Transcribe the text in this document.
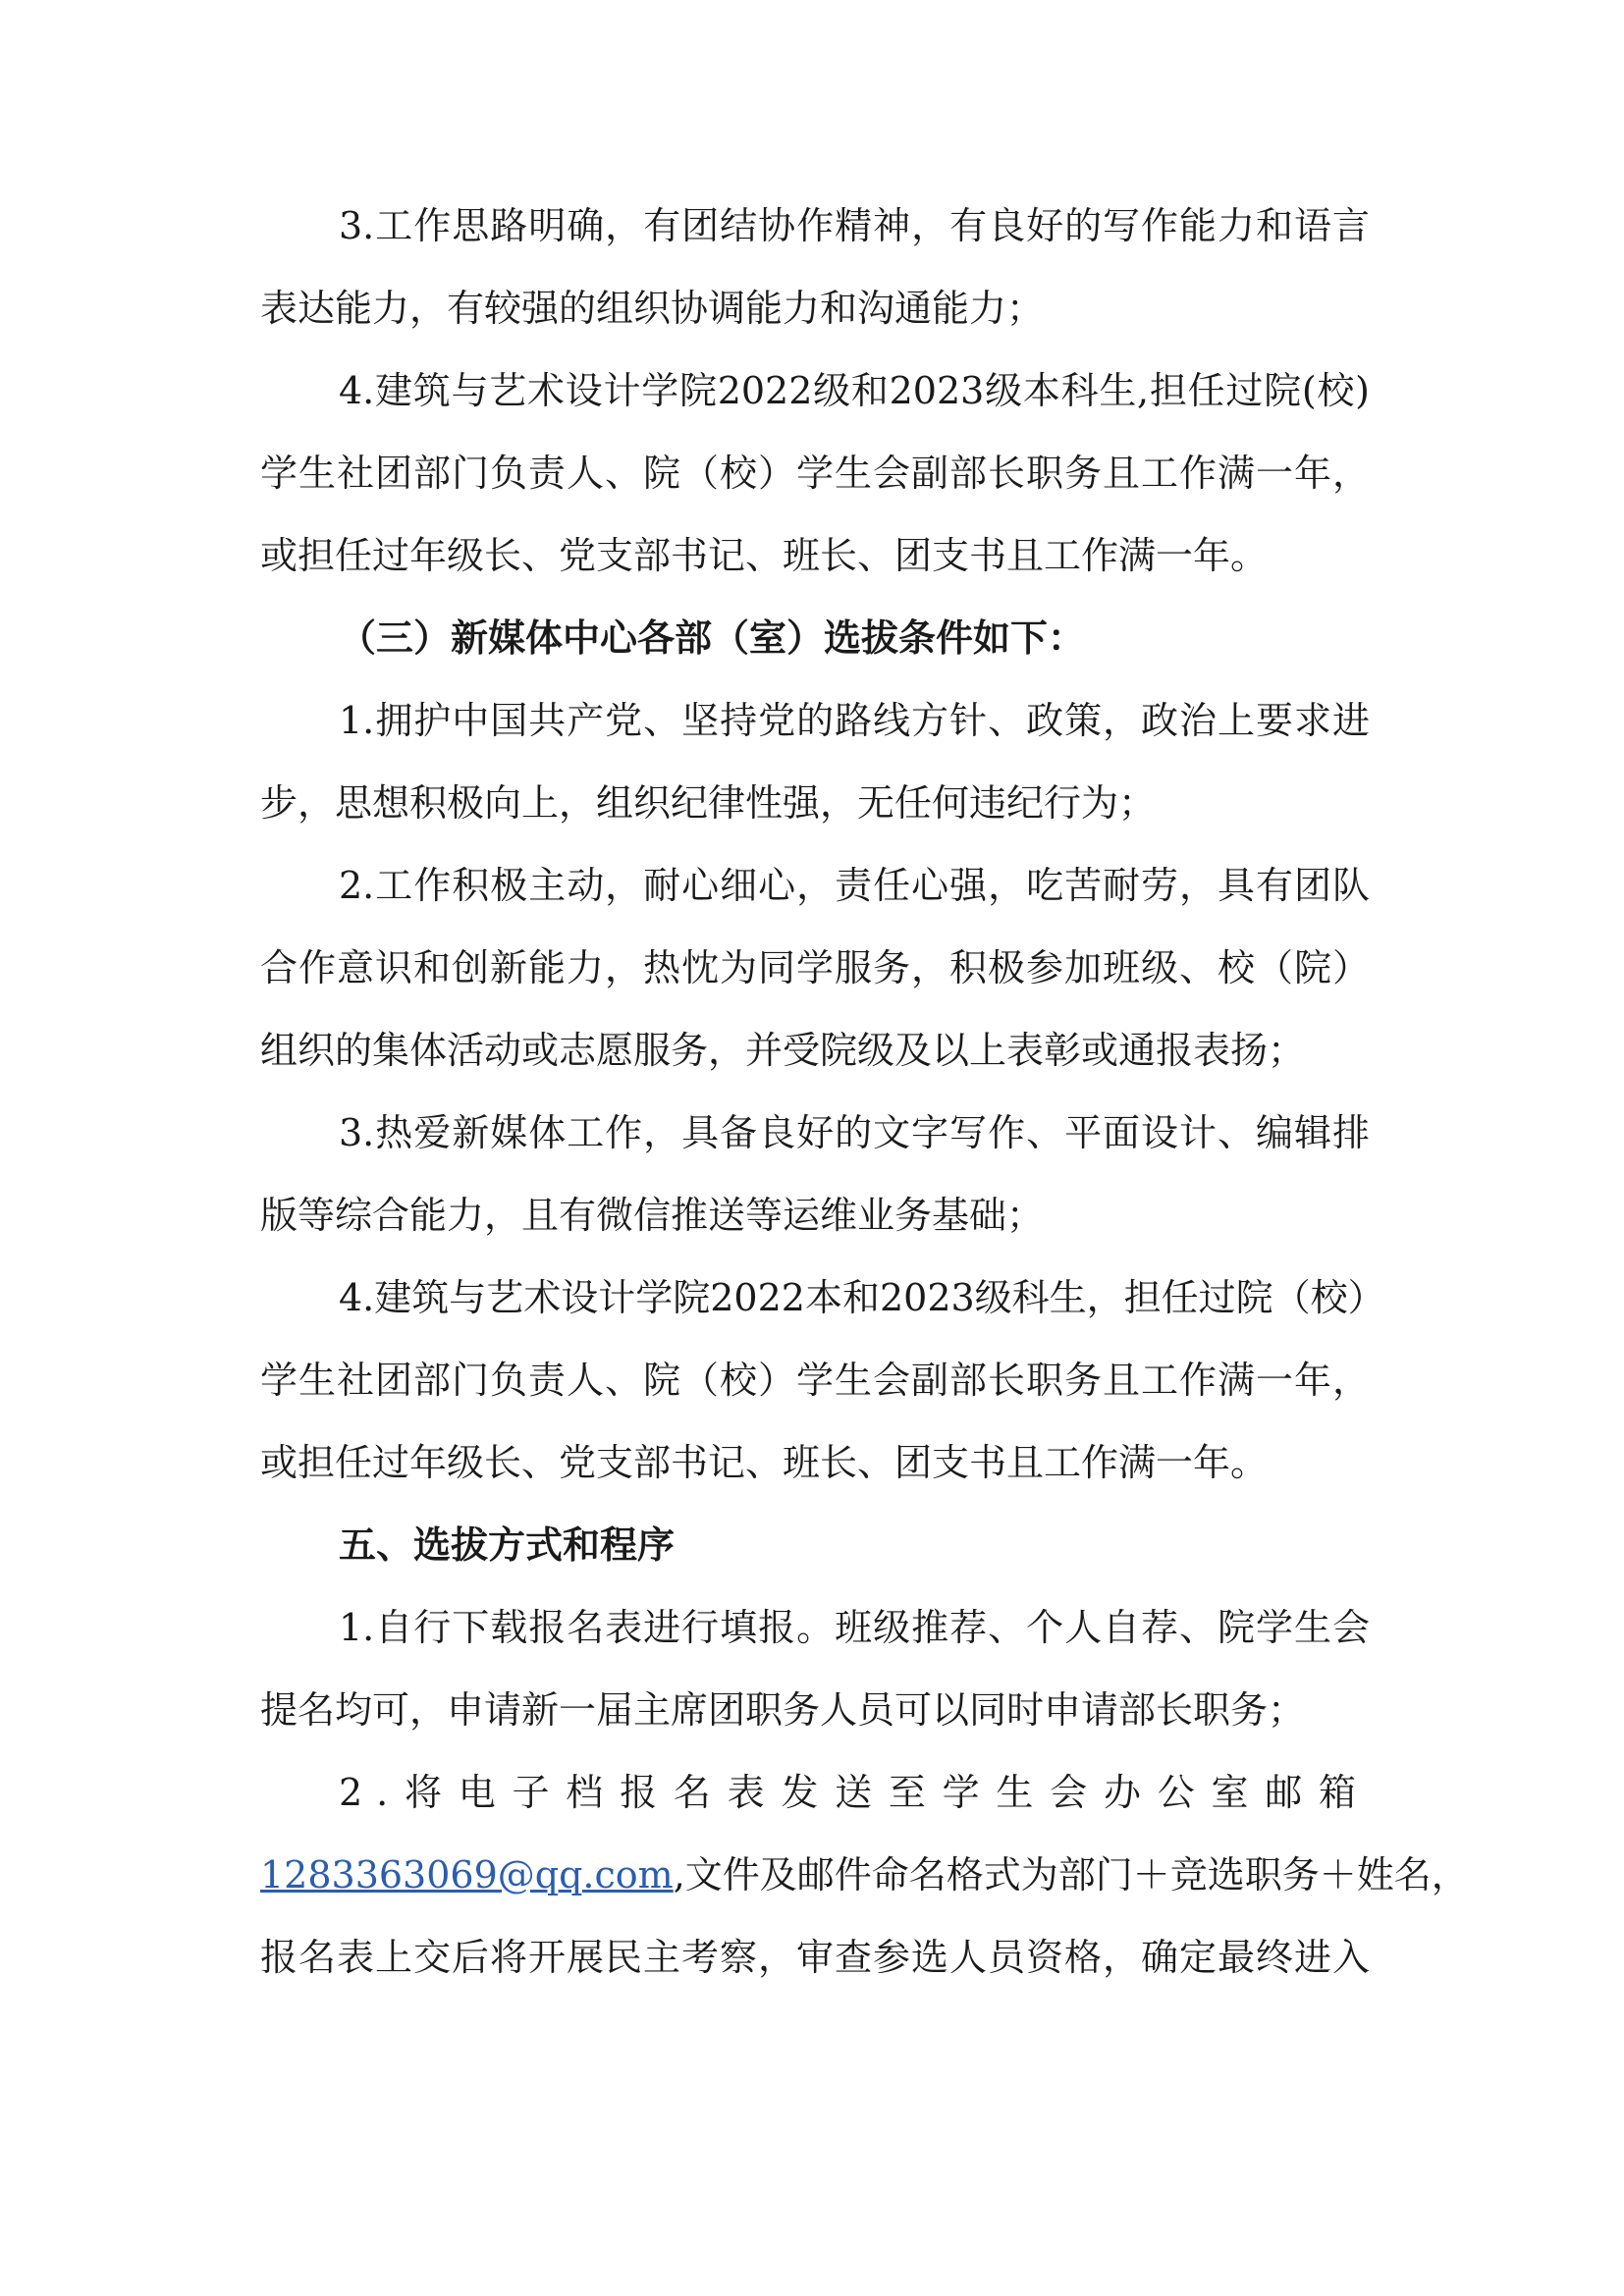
3.工作思路明确，有团结协作精神，有良好的写作能力和语言
表达能力，有较强的组织协调能力和沟通能力；
4.建筑与艺术设计学院2022级和2023级本科生,担任过院(校)
学生社团部门负责人、院（校）学生会副部长职务且工作满一年，
或担任过年级长、党支部书记、班长、团支书且工作满一年。
（三）新媒体中心各部（室）选拔条件如下：
1.拥护中国共产党、坚持党的路线方针、政策，政治上要求进
步，思想积极向上，组织纪律性强，无任何违纪行为；
2.工作积极主动，耐心细心，责任心强，吃苦耐劳，具有团队
合作意识和创新能力，热忱为同学服务，积极参加班级、校（院）
组织的集体活动或志愿服务，并受院级及以上表彰或通报表扬；
3.热爱新媒体工作，具备良好的文字写作、平面设计、编辑排
版等综合能力，且有微信推送等运维业务基础；
4.建筑与艺术设计学院2022本和2023级科生，担任过院（校）
学生社团部门负责人、院（校）学生会副部长职务且工作满一年，
或担任过年级长、党支部书记、班长、团支书且工作满一年。
五、选拔方式和程序
1.自行下载报名表进行填报。班级推荐、个人自荐、院学生会
提名均可，申请新一届主席团职务人员可以同时申请部长职务；
2.将电子档报名表发送至学生会办公室邮箱
1283363069@qq.com,文件及邮件命名格式为部门＋竞选职务＋姓名，
报名表上交后将开展民主考察，审查参选人员资格，确定最终进入
